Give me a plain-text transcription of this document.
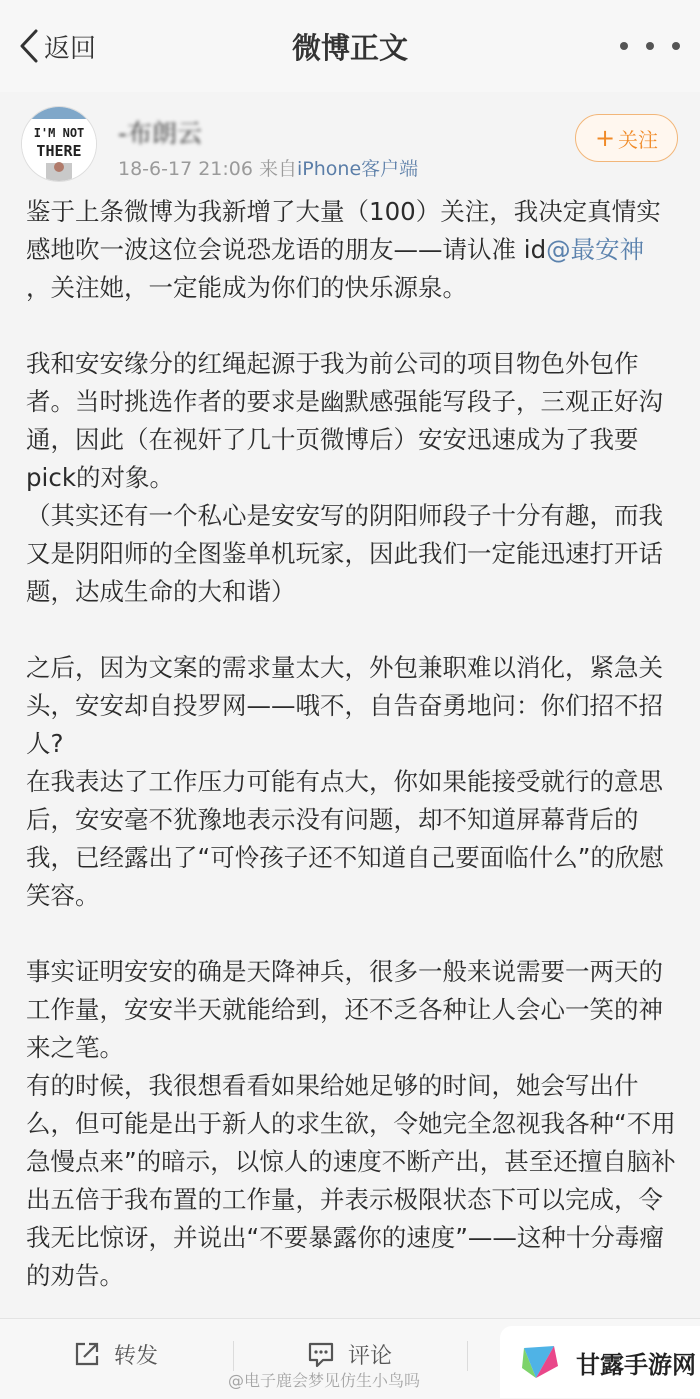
返回	微博正文
I'M NOT
THERE
-布朗云
18-6-17 21:06 来自iPhone客户端
+ 关注

鉴于上条微博为我新增了大量（100）关注，我决定真情实感地吹一波这位会说恐龙语的朋友——请认准 id@最安神 ，关注她，一定能成为你们的快乐源泉。

我和安安缘分的红绳起源于我为前公司的项目物色外包作者。当时挑选作者的要求是幽默感强能写段子，三观正好沟通，因此（在视奸了几十页微博后）安安迅速成为了我要pick的对象。

（其实还有一个私心是安安写的阴阳师段子十分有趣，而我又是阴阳师的全图鉴单机玩家，因此我们一定能迅速打开话题，达成生命的大和谐）

之后，因为文案的需求量太大，外包兼职难以消化，紧急关头，安安却自投罗网——哦不，自告奋勇地问：你们招不招人?

在我表达了工作压力可能有点大，你如果能接受就行的意思后，安安毫不犹豫地表示没有问题，却不知道屏幕背后的我，已经露出了“可怜孩子还不知道自己要面临什么”的欣慰笑容。

事实证明安安的确是天降神兵，很多一般来说需要一两天的工作量，安安半天就能给到，还不乏各种让人会心一笑的神来之笔。

有的时候，我很想看看如果给她足够的时间，她会写出什么，但可能是出于新人的求生欲，令她完全忽视我各种“不用急慢点来”的暗示，以惊人的速度不断产出，甚至还擅自脑补出五倍于我布置的工作量，并表示极限状态下可以完成，令我无比惊讶，并说出“不要暴露你的速度”——这种十分毒瘤的劝告。

转发	评论
@电子鹿会梦见仿生小鸟吗
甘露手游网
